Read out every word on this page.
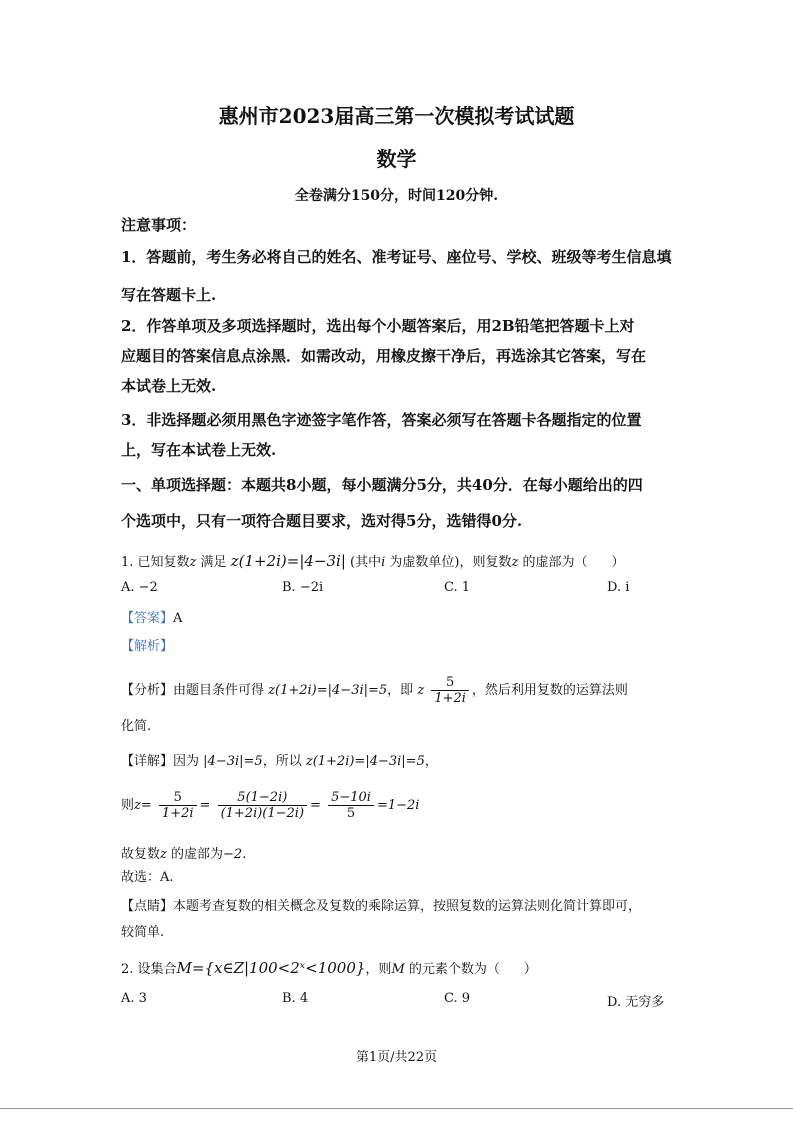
惠州市2023届高三第一次模拟考试试题
数学
全卷满分150分，时间120分钟.
注意事项：
1．答题前，考生务必将自己的姓名、准考证号、座位号、学校、班级等考生信息填
写在答题卡上.
2．作答单项及多项选择题时，选出每个小题答案后，用2B铅笔把答题卡上对
应题目的答案信息点涂黑．如需改动，用橡皮擦干净后，再选涂其它答案，写在
本试卷上无效.
3．非选择题必须用黑色字迹签字笔作答，答案必须写在答题卡各题指定的位置
上，写在本试卷上无效.
一、单项选择题：本题共8小题，每小题满分5分，共40分．在每小题给出的四
个选项中，只有一项符合题目要求，选对得5分，选错得0分.
1. 已知复数z 满足 z(1+2i)=|4−3i| (其中i 为虚数单位)，则复数z 的虚部为（ ）
A. −2	B. −2i	C. 1	D. i
【答案】A
【解析】
【分析】由题目条件可得 z(1+2i)=|4−3i|=5，即 z $\frac{5}{1+2i}$ ，然后利用复数的运算法则
化简.
【详解】因为 |4−3i|=5，所以 z(1+2i)=|4−3i|=5，
则$z= \frac{5}{1+2i} = \frac{5(1-2i)}{(1+2i)(1-2i)} = \frac{5-10i}{5} =1-2i$
故复数z 的虚部为−2.
故选：A.
【点睛】本题考查复数的相关概念及复数的乘除运算，按照复数的运算法则化简计算即可，
较简单.
2. 设集合M={x∈Z|100<2ˣ<1000}，则M 的元素个数为（ ）
A. 3	B. 4	C. 9	D. 无穷多
第1页/共22页
